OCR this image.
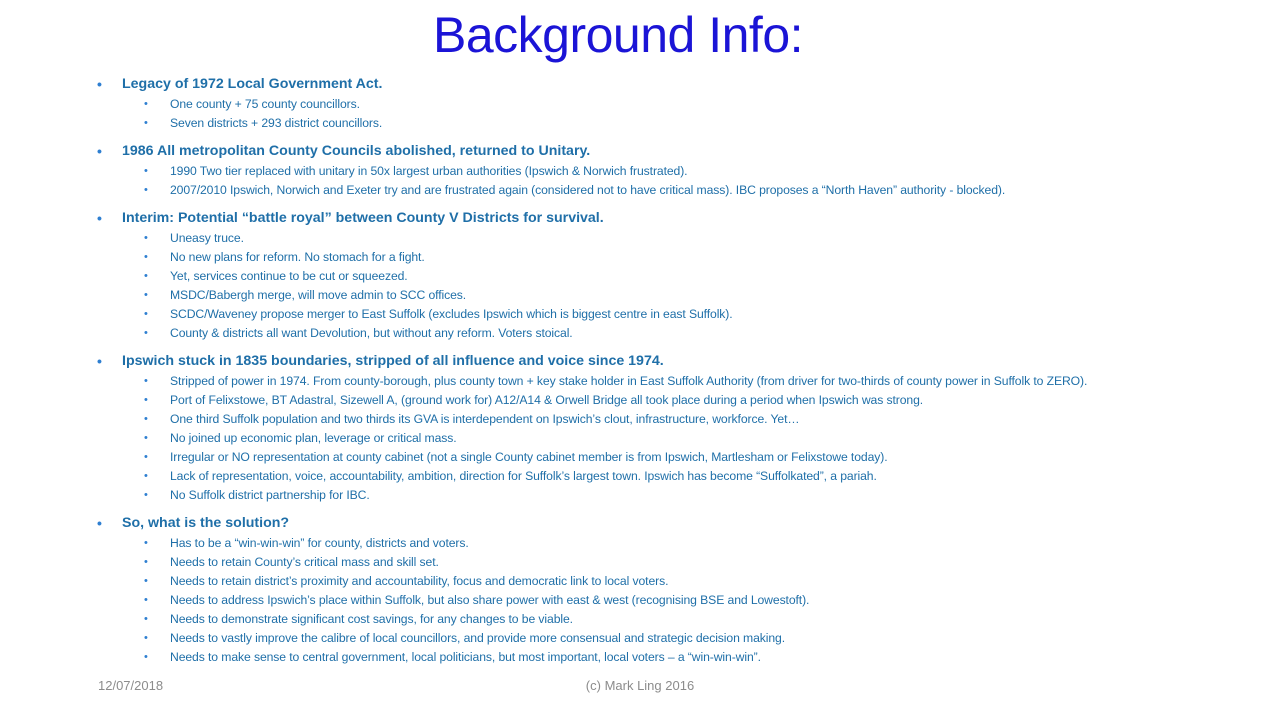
Background Info:
• Legacy of 1972 Local Government Act.
• One county + 75 county councillors.
• Seven districts + 293 district councillors.
• 1986 All metropolitan County Councils abolished, returned to Unitary.
• 1990 Two tier replaced with unitary in 50x largest urban authorities (Ipswich & Norwich frustrated).
• 2007/2010 Ipswich, Norwich and Exeter try and are frustrated again (considered not to have critical mass). IBC proposes a “North Haven” authority - blocked).
• Interim: Potential “battle royal” between County V Districts for survival.
• Uneasy truce.
• No new plans for reform. No stomach for a fight.
• Yet, services continue to be cut or squeezed.
• MSDC/Babergh merge, will move admin to SCC offices.
• SCDC/Waveney propose merger to East Suffolk (excludes Ipswich which is biggest centre in east Suffolk).
• County & districts all want Devolution, but without any reform. Voters stoical.
• Ipswich stuck in 1835 boundaries, stripped of all influence and voice since 1974.
• Stripped of power in 1974. From county-borough, plus county town + key stake holder in East Suffolk Authority (from driver for two-thirds of county power in Suffolk to ZERO).
• Port of Felixstowe, BT Adastral, Sizewell A, (ground work for) A12/A14 & Orwell Bridge all took place during a period when Ipswich was strong.
• One third Suffolk population and two thirds its GVA is interdependent on Ipswich’s clout, infrastructure, workforce. Yet…
• No joined up economic plan, leverage or critical mass.
• Irregular or NO representation at county cabinet (not a single County cabinet member is from Ipswich, Martlesham or Felixstowe today).
• Lack of representation, voice, accountability, ambition, direction for Suffolk’s largest town. Ipswich has become “Suffolkated”, a pariah.
• No Suffolk district partnership for IBC.
• So, what is the solution?
• Has to be a “win-win-win” for county, districts and voters.
• Needs to retain County’s critical mass and skill set.
• Needs to retain district’s proximity and accountability, focus and democratic link to local voters.
• Needs to address Ipswich’s place within Suffolk, but also share power with east & west (recognising BSE and Lowestoft).
• Needs to demonstrate significant cost savings, for any changes to be viable.
• Needs to vastly improve the calibre of local councillors, and provide more consensual and strategic decision making.
• Needs to make sense to central government, local politicians, but most important, local voters – a “win-win-win”.
12/07/2018	(c) Mark Ling 2016
